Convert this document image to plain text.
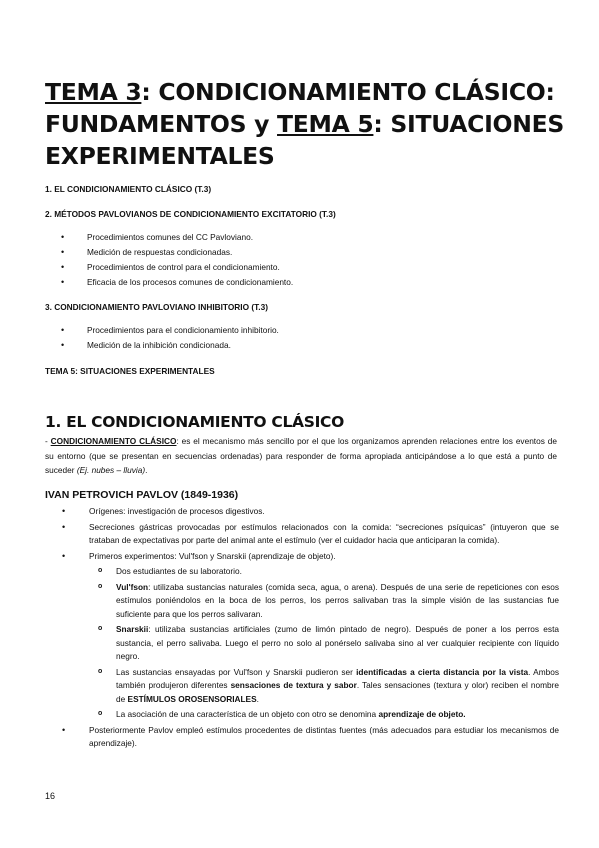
TEMA 3: CONDICIONAMIENTO CLÁSICO: FUNDAMENTOS y TEMA 5: SITUACIONES EXPERIMENTALES
1. EL CONDICIONAMIENTO CLÁSICO (T.3)
2. MÉTODOS PAVLOVIANOS DE CONDICIONAMIENTO EXCITATORIO (T.3)
• Procedimientos comunes del CC Pavloviano.
• Medición de respuestas condicionadas.
• Procedimientos de control para el condicionamiento.
• Eficacia de los procesos comunes de condicionamiento.
3. CONDICIONAMIENTO PAVLOVIANO INHIBITORIO (T.3)
• Procedimientos para el condicionamiento inhibitorio.
• Medición de la inhibición condicionada.
TEMA 5: SITUACIONES EXPERIMENTALES
1. EL CONDICIONAMIENTO CLÁSICO
- CONDICIONAMIENTO CLÁSICO: es el mecanismo más sencillo por el que los organizamos aprenden relaciones entre los eventos de su entorno (que se presentan en secuencias ordenadas) para responder de forma apropiada anticipándose a lo que está a punto de suceder (Ej. nubes – lluvia).
IVAN PETROVICH PAVLOV (1849-1936)
• Orígenes: investigación de procesos digestivos.
• Secreciones gástricas provocadas por estímulos relacionados con la comida: “secreciones psíquicas” (intuyeron que se trataban de expectativas por parte del animal ante el estímulo (ver el cuidador hacia que anticiparan la comida).
• Primeros experimentos: Vul'fson y Snarskii (aprendizaje de objeto).
o Dos estudiantes de su laboratorio.
o Vul'fson: utilizaba sustancias naturales (comida seca, agua, o arena). Después de una serie de repeticiones con esos estímulos poniéndolos en la boca de los perros, los perros salivaban tras la simple visión de las sustancias fue suficiente para que los perros salivaran.
o Snarskii: utilizaba sustancias artificiales (zumo de limón pintado de negro). Después de poner a los perros esta sustancia, el perro salivaba. Luego el perro no solo al ponérselo salivaba sino al ver cualquier recipiente con líquido negro.
o Las sustancias ensayadas por Vul'fson y Snarskii pudieron ser identificadas a cierta distancia por la vista. Ambos también produjeron diferentes sensaciones de textura y sabor. Tales sensaciones (textura y olor) reciben el nombre de ESTÍMULOS OROSENSORIALES.
o La asociación de una característica de un objeto con otro se denomina aprendizaje de objeto.
• Posteriormente Pavlov empleó estímulos procedentes de distintas fuentes (más adecuados para estudiar los mecanismos de aprendizaje).
16
